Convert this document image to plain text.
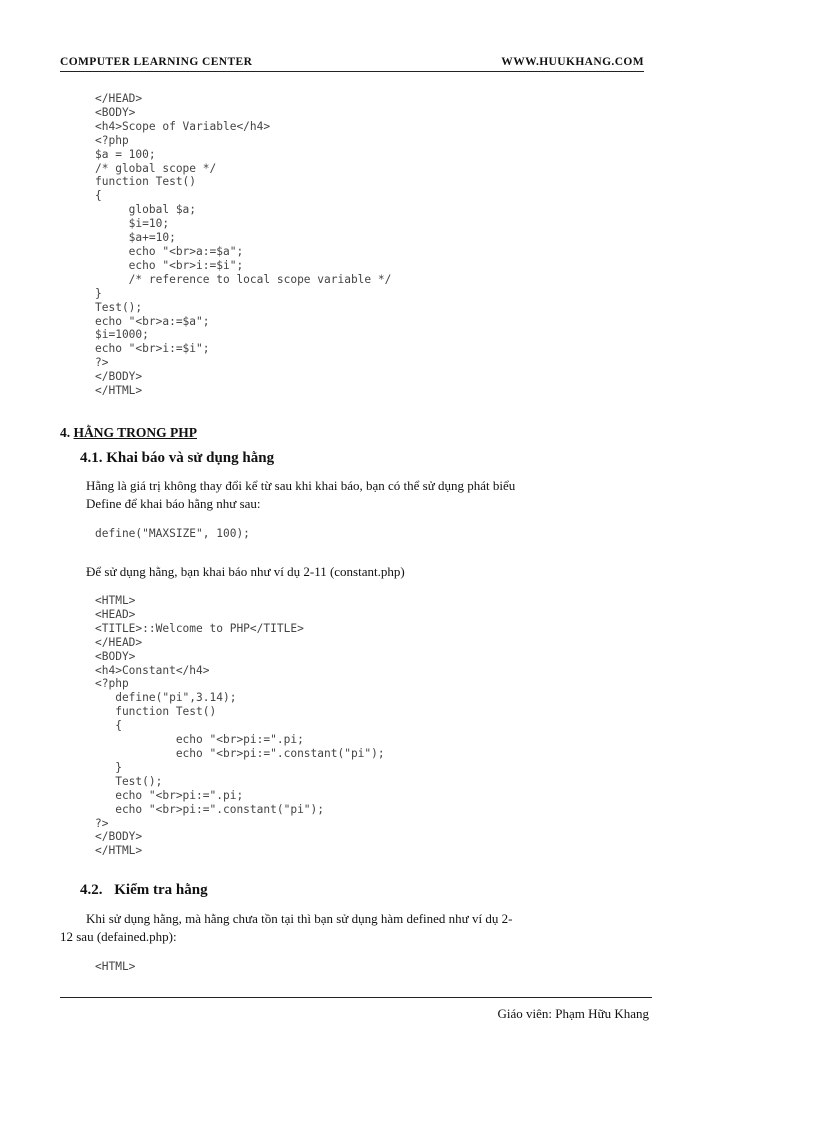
COMPUTER LEARNING CENTER	WWW.HUUKHANG.COM
</HEAD>
<BODY>
<h4>Scope of Variable</h4>
<?php
$a = 100;
/* global scope */
function Test()
{
global $a;
$i=10;
$a+=10;
echo "<br>a:=$a";
echo "<br>i:=$i";
/* reference to local scope variable */
}
Test();
echo "<br>a:=$a";
$i=1000;
echo "<br>i:=$i";
?>
</BODY>
</HTML>
4. HẰNG TRONG PHP
4.1. Khai báo và sử dụng hằng
Hằng là giá trị không thay đổi kể từ sau khi khai báo, bạn có thể sử dụng phát biểu
Define để khai báo hằng như sau:
define("MAXSIZE", 100);
Để sử dụng hằng, bạn khai báo như ví dụ 2-11 (constant.php)
<HTML>
<HEAD>
<TITLE>::Welcome to PHP</TITLE>
</HEAD>
<BODY>
<h4>Constant</h4>
<?php
define("pi",3.14);
function Test()
{
echo "<br>pi:=".pi;
echo "<br>pi:=".constant("pi");
}
Test();
echo "<br>pi:=".pi;
echo "<br>pi:=".constant("pi");
?>
</BODY>
</HTML>
4.2. Kiểm tra hằng
Khi sử dụng hằng, mà hằng chưa tồn tại thì bạn sử dụng hàm defined như ví dụ 2-
12 sau (defained.php):
<HTML>
Giáo viên: Phạm Hữu Khang
